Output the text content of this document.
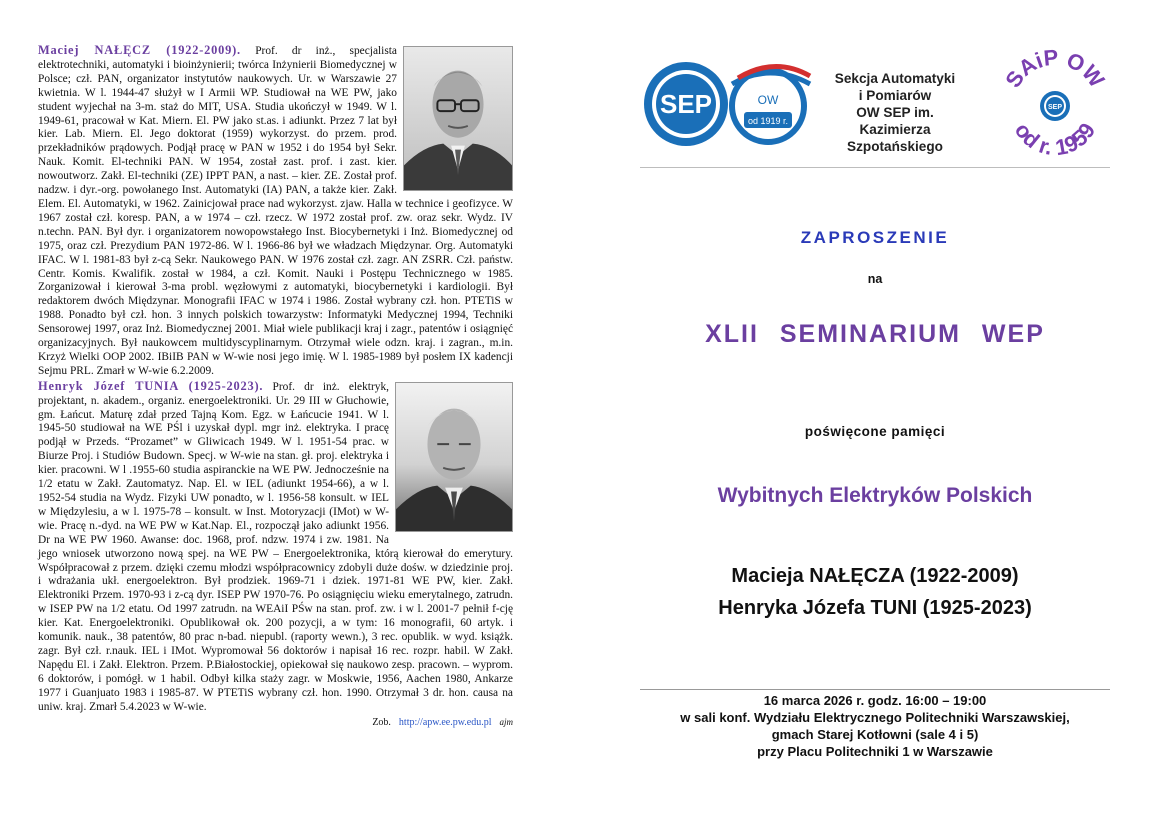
Maciej NAŁĘCZ (1922-2009). Prof. dr inż., specjalista elektrotechniki, automatyki i bioinżynierii; twórca Inżynierii Biomedycznej w Polsce; czł. PAN, organizator instytutów naukowych. Ur. w Warszawie 27 kwietnia. W l. 1944-47 służył w I Armii WP. Studiował na WE PW, jako student wyjechał na 3-m. staż do MIT, USA. Studia ukończył w 1949. W l. 1949-61, pracował w Kat. Miern. El. PW jako st.as. i adiunkt. Przez 7 lat był kier. Lab. Miern. El. Jego doktorat (1959) wykorzyst. do przem. prod. przekładników prądowych. Podjął pracę w PAN w 1952 i do 1954 był Sekr. Nauk. Komit. El-techniki PAN. W 1954, został zast. prof. i zast. kier. nowoutworz. Zakł. El-techniki (ZE) IPPT PAN, a nast. – kier. ZE. Został prof. nadzw. i dyr.-org. powołanego Inst. Automatyki (IA) PAN, a także kier. Zakł. Elem. El. Automatyki, w 1962. Zainicjował prace nad wykorzyst. zjaw. Halla w technice i geofizyce. W 1967 został czł. koresp. PAN, a w 1974 – czł. rzecz. W 1972 został prof. zw. oraz sekr. Wydz. IV n.techn. PAN. Był dyr. i organizatorem nowopowstałego Inst. Biocybernetyki i Inż. Biomedycznej od 1975, oraz czł. Prezydium PAN 1972-86. W l. 1966-86 był we władzach Międzynar. Org. Automatyki IFAC. W l. 1981-83 był z-cą Sekr. Naukowego PAN. W 1976 został czł. zagr. AN ZSRR. Czł. państw. Centr. Komis. Kwalifik. został w 1984, a czł. Komit. Nauki i Postępu Technicznego w 1985. Zorganizował i kierował 3-ma probl. węzłowymi z automatyki, biocybernetyki i kardiologii. Był redaktorem dwóch Międzynar. Monografii IFAC w 1974 i 1986. Został wybrany czł. hon. PTETiS w 1988. Ponadto był czł. hon. 3 innych polskich towarzystw: Informatyki Medycznej 1994, Techniki Sensorowej 1997, oraz Inż. Biomedycznej 2001. Miał wiele publikacji kraj i zagr., patentów i osiągnięć organizacyjnych. Był naukowcem multidyscyplinarnym. Otrzymał wiele odzn. kraj. i zagran., m.in. Krzyż Wielki OOP 2002. IBiIB PAN w W-wie nosi jego imię. W l. 1985-1989 był posłem IX kadencji Sejmu PRL. Zmarł w W-wie 6.2.2009.
Henryk Józef TUNIA (1925-2023). Prof. dr inż. elektryk, projektant, n. akadem., organiz. energoelektroniki. Ur. 29 III w Głuchowie, gm. Łańcut. Maturę zdał przed Tajną Kom. Egz. w Łańcucie 1941. W l. 1945-50 studiował na WE PŚl i uzyskał dypl. mgr inż. elektryka. I pracę podjął w Przeds. “Prozamet” w Gliwicach 1949. W l. 1951-54 prac. w Biurze Proj. i Studiów Budown. Specj. w W-wie na stan. gł. proj. elektryka i kier. pracowni. W l .1955-60 studia aspiranckie na WE PW. Jednocześnie na 1/2 etatu w Zakł. Zautomatyz. Nap. El. w IEL (adiunkt 1954-66), a w l. 1952-54 studia na Wydz. Fizyki UW ponadto, w l. 1956-58 konsult. w IEL w Międzylesiu, a w l. 1975-78 – konsult. w Inst. Motoryzacji (IMot) w W-wie. Pracę n.-dyd. na WE PW w Kat.Nap. El., rozpoczął jako adiunkt 1956. Dr na WE PW 1960. Awanse: doc. 1968, prof. ndzw. 1974 i zw. 1981. Na jego wniosek utworzono nową spej. na WE PW – Energoelektronika, którą kierował do emerytury. Współpracował z przem. dzięki czemu młodzi współpracownicy zdobyli duże dośw. w dziedzinie proj. i wdrażania ukł. energoelektron. Był prodziek. 1969-71 i dziek. 1971-81 WE PW, kier. Zakł. Elektroniki Przem. 1970-93 i z-cą dyr. ISEP PW 1970-76. Po osiągnięciu wieku emerytalnego, zatrudn. w ISEP PW na 1/2 etatu. Od 1997 zatrudn. na WEAiI PŚw na stan. prof. zw. i w l. 2001-7 pełnił f-cję kier. Kat. Energoelektroniki. Opublikował ok. 200 pozycji, a w tym: 16 monografii, 60 artyk. i komunik. nauk., 38 patentów, 80 prac n-bad. niepubl. (raporty wewn.), 3 rec. opublik. w wyd. książk. zagr. Był czł. r.nauk. IEL i IMot. Wypromował 56 doktorów i napisał 16 rec. rozpr. habil. W Zakł. Napędu El. i Zakł. Elektron. Przem. P.Białostockiej, opiekował się naukowo zesp. pracown. – wyprom. 6 doktorów, i pomógł. w 1 habil. Odbył kilka staży zagr. w Moskwie, 1956, Aachen 1980, Ankarze 1977 i Guanjuato 1983 i 1985-87. W PTETiS wybrany czł. hon. 1990. Otrzymał 3 dr. hon. causa na uniw. kraj. Zmarł 5.4.2023 w W-wie.
Zob. http://apw.ee.pw.edu.pl ajm
SEP	OW
od 1919 r.
Sekcja Automatyki
i Pomiarów
OW SEP im. Kazimierza
Szpotańskiego
SAiP OW
od r. 1959
SEP
ZAPROSZENIE
na
XLII SEMINARIUM WEP
poświęcone pamięci
Wybitnych Elektryków Polskich
Macieja NAŁĘCZA (1922-2009)
Henryka Józefa TUNI (1925-2023)
16 marca 2026 r. godz. 16:00 – 19:00
w sali konf. Wydziału Elektrycznego Politechniki Warszawskiej,
gmach Starej Kotłowni (sale 4 i 5)
przy Placu Politechniki 1 w Warszawie
